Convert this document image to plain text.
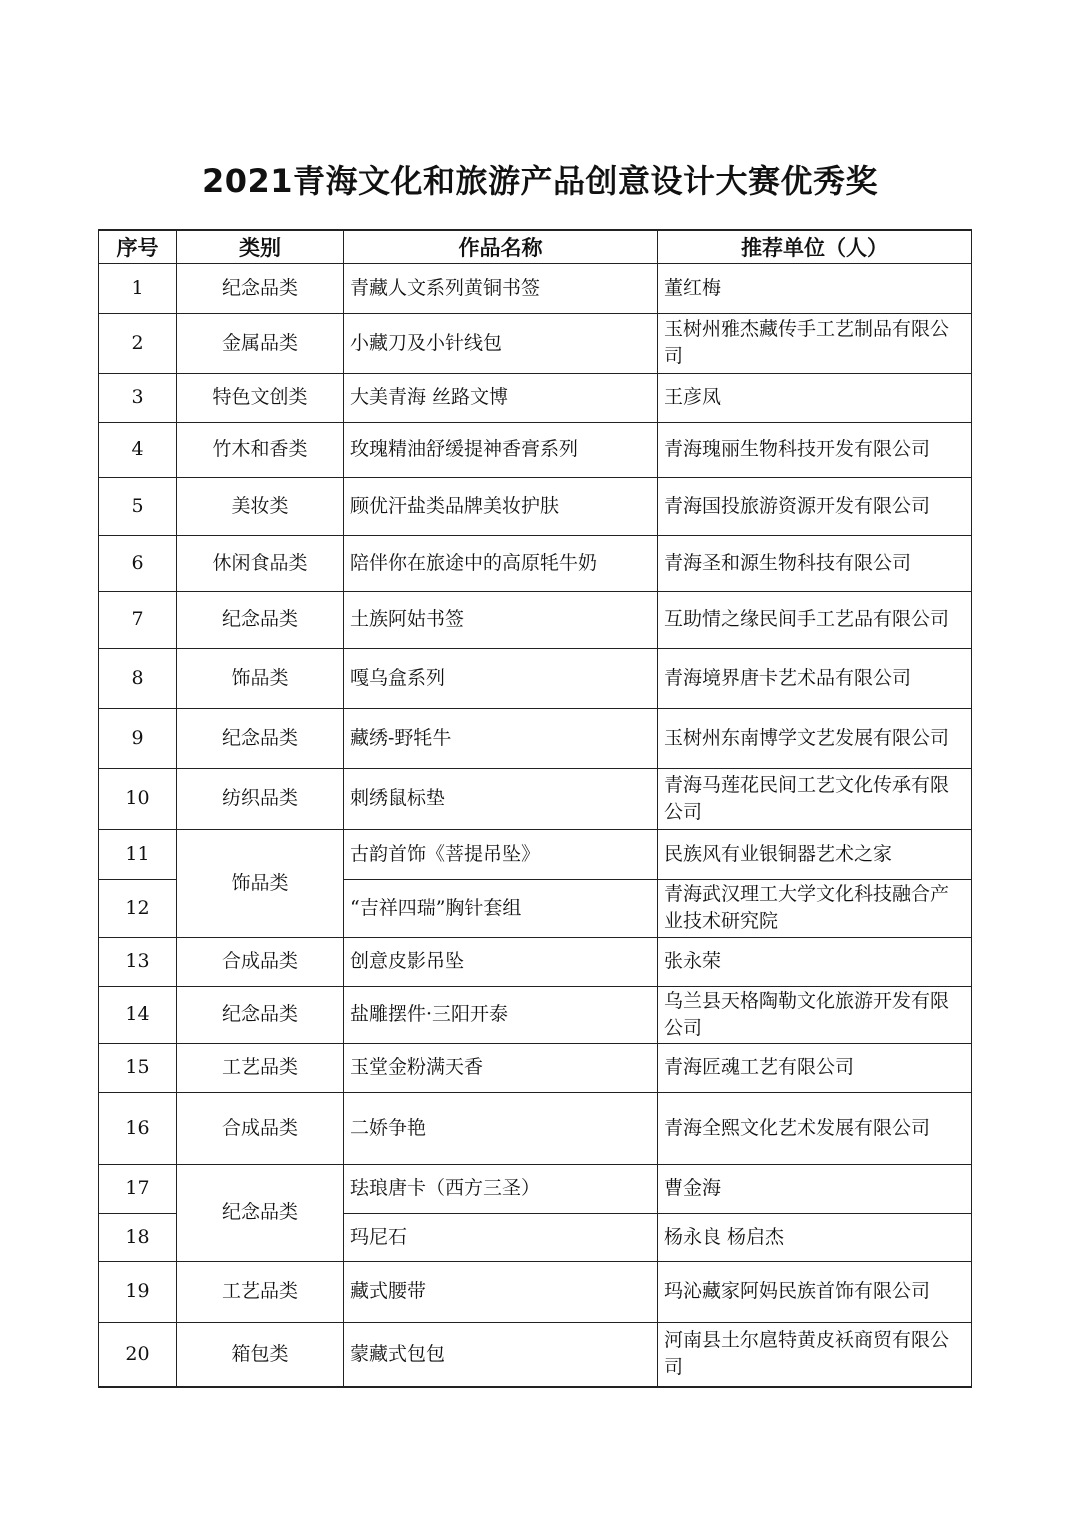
2021青海文化和旅游产品创意设计大赛优秀奖
序号	类别	作品名称	推荐单位（人）
1	纪念品类	青藏人文系列黄铜书签	董红梅
2	金属品类	小藏刀及小针线包	玉树州雅杰藏传手工艺制品有限公司
3	特色文创类	大美青海 丝路文博	王彦凤
4	竹木和香类	玫瑰精油舒缓提神香膏系列	青海瑰丽生物科技开发有限公司
5	美妆类	顾优汗盐类品牌美妆护肤	青海国投旅游资源开发有限公司
6	休闲食品类	陪伴你在旅途中的高原牦牛奶	青海圣和源生物科技有限公司
7	纪念品类	土族阿姑书签	互助情之缘民间手工艺品有限公司
8	饰品类	嘎乌盒系列	青海境界唐卡艺术品有限公司
9	纪念品类	藏绣-野牦牛	玉树州东南博学文艺发展有限公司
10	纺织品类	刺绣鼠标垫	青海马莲花民间工艺文化传承有限公司
11	饰品类	古韵首饰《菩提吊坠》	民族风有业银铜器艺术之家
12		“吉祥四瑞”胸针套组	青海武汉理工大学文化科技融合产业技术研究院
13	合成品类	创意皮影吊坠	张永荣
14	纪念品类	盐雕摆件·三阳开泰	乌兰县天格陶勒文化旅游开发有限公司
15	工艺品类	玉堂金粉满天香	青海匠魂工艺有限公司
16	合成品类	二娇争艳	青海全熙文化艺术发展有限公司
17	纪念品类	珐琅唐卡（西方三圣）	曹金海
18		玛尼石	杨永良 杨启杰
19	工艺品类	藏式腰带	玛沁藏家阿妈民族首饰有限公司
20	箱包类	蒙藏式包包	河南县土尔扈特黄皮袄商贸有限公司
